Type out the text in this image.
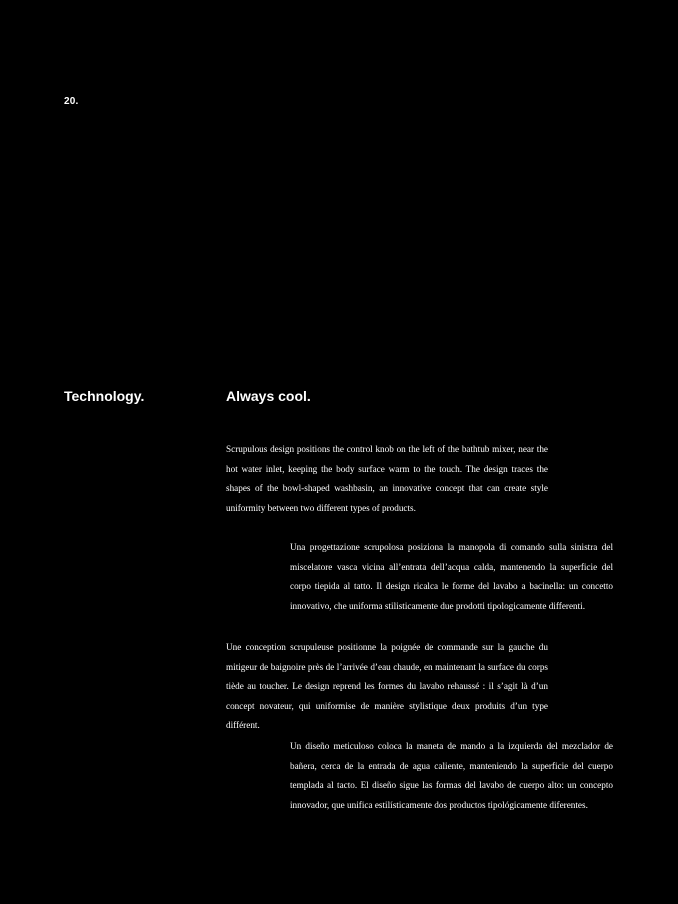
20.
Technology.	Always cool.

Scrupulous design positions the control knob on the left of the bathtub mixer, near the hot water inlet, keeping the body surface warm to the touch. The design traces the shapes of the bowl-shaped washbasin, an innovative concept that can create style uniformity between two different types of products.

Una progettazione scrupolosa posiziona la manopola di comando sulla sinistra del miscelatore vasca vicina all’entrata dell’acqua calda, mantenendo la superficie del corpo tiepida al tatto. Il design ricalca le forme del lavabo a bacinella: un concetto innovativo, che uniforma stilisticamente due prodotti tipologicamente differenti.

Une conception scrupuleuse positionne la poignée de commande sur la gauche du mitigeur de baignoire près de l’arrivée d’eau chaude, en maintenant la surface du corps tiède au toucher. Le design reprend les formes du lavabo rehaussé : il s’agit là d’un concept novateur, qui uniformise de manière stylistique deux produits d’un type différent.

Un diseño meticuloso coloca la maneta de mando a la izquierda del mezclador de bañera, cerca de la entrada de agua caliente, manteniendo la superficie del cuerpo templada al tacto. El diseño sigue las formas del lavabo de cuerpo alto: un concepto innovador, que unifica estilísticamente dos productos tipológicamente diferentes.
